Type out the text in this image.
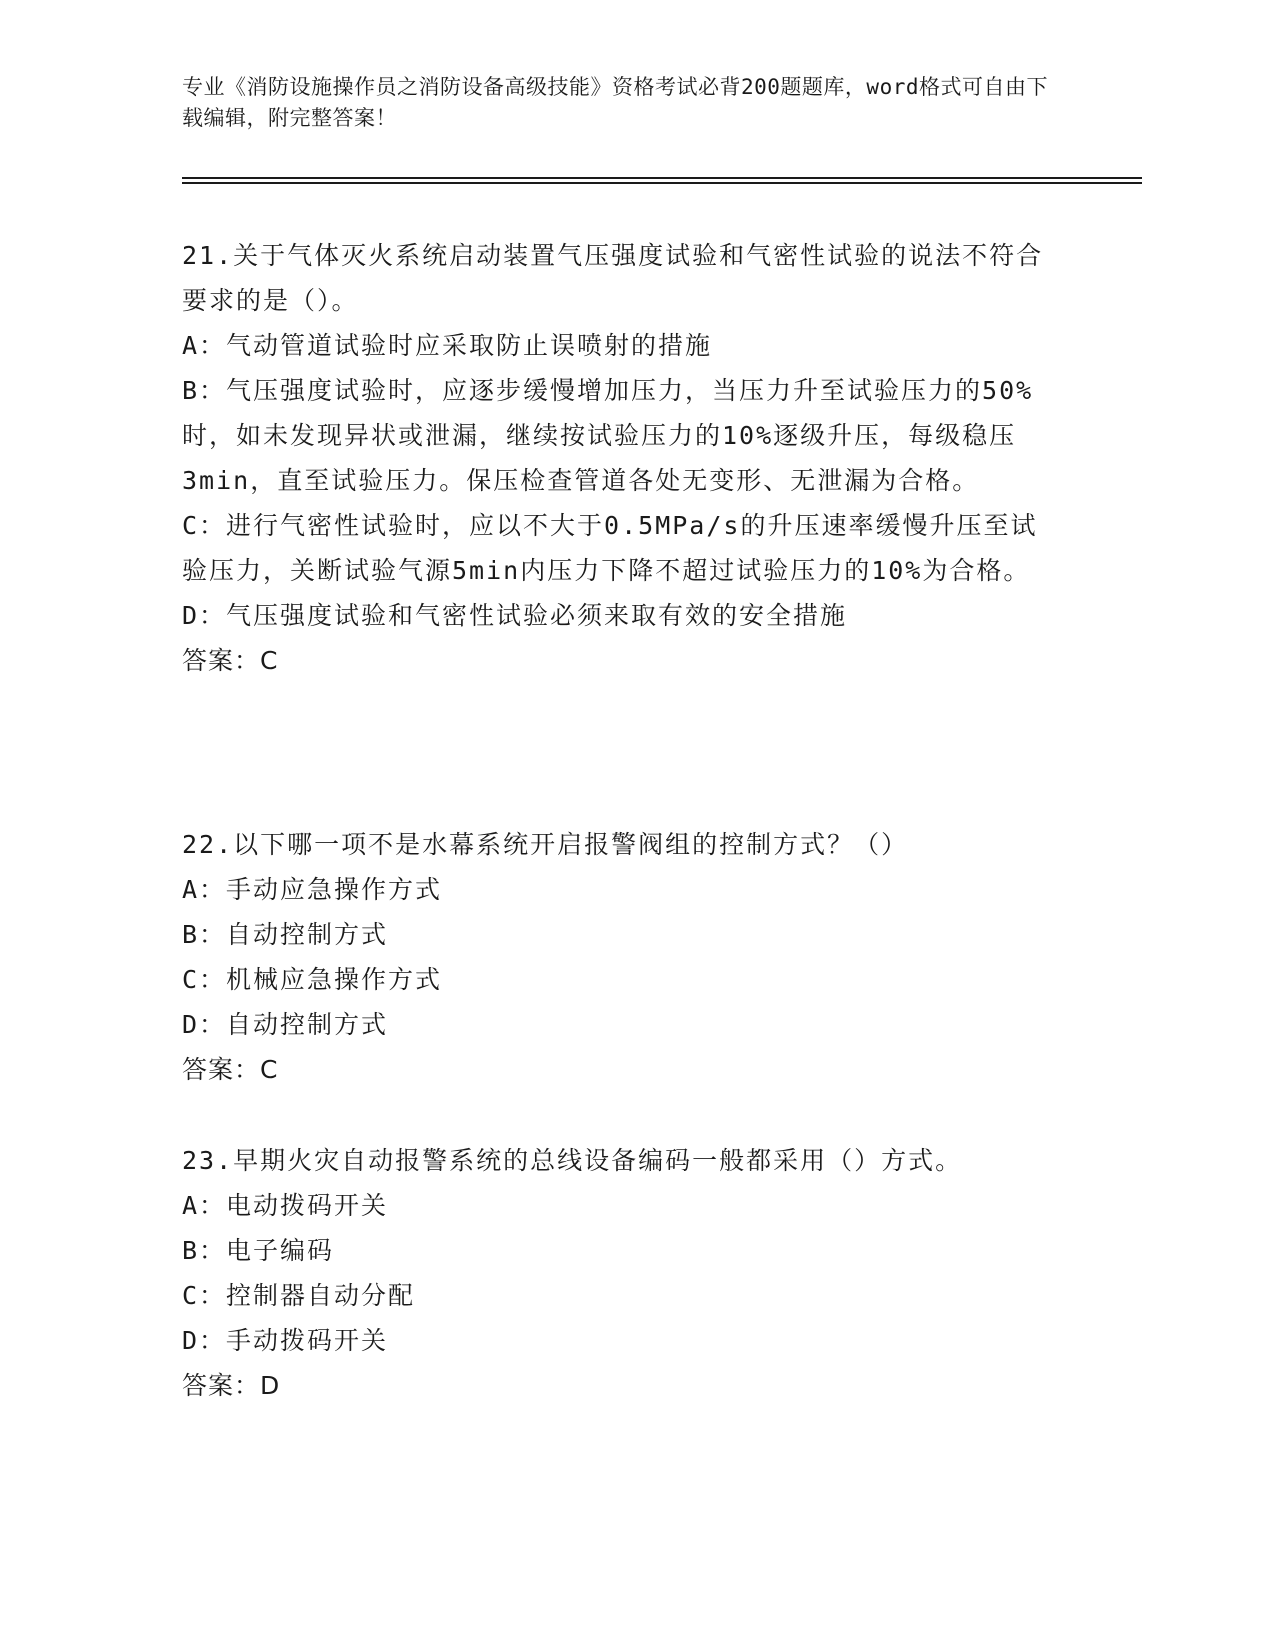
专业《消防设施操作员之消防设备高级技能》资格考试必背200题题库，word格式可自由下载编辑，附完整答案！
21.关于气体灭火系统启动装置气压强度试验和气密性试验的说法不符合要求的是（）。
A：气动管道试验时应采取防止误喷射的措施
B：气压强度试验时，应逐步缓慢增加压力，当压力升至试验压力的50%时，如未发现异状或泄漏，继续按试验压力的10%逐级升压，每级稳压3min，直至试验压力。保压检查管道各处无变形、无泄漏为合格。
C：进行气密性试验时，应以不大于0.5MPa/s的升压速率缓慢升压至试验压力，关断试验气源5min内压力下降不超过试验压力的10%为合格。
D：气压强度试验和气密性试验必须来取有效的安全措施
答案：C
22.以下哪一项不是水幕系统开启报警阀组的控制方式？（）
A：手动应急操作方式
B：自动控制方式
C：机械应急操作方式
D：自动控制方式
答案：C
23.早期火灾自动报警系统的总线设备编码一般都采用（）方式。
A：电动拨码开关
B：电子编码
C：控制器自动分配
D：手动拨码开关
答案：D
